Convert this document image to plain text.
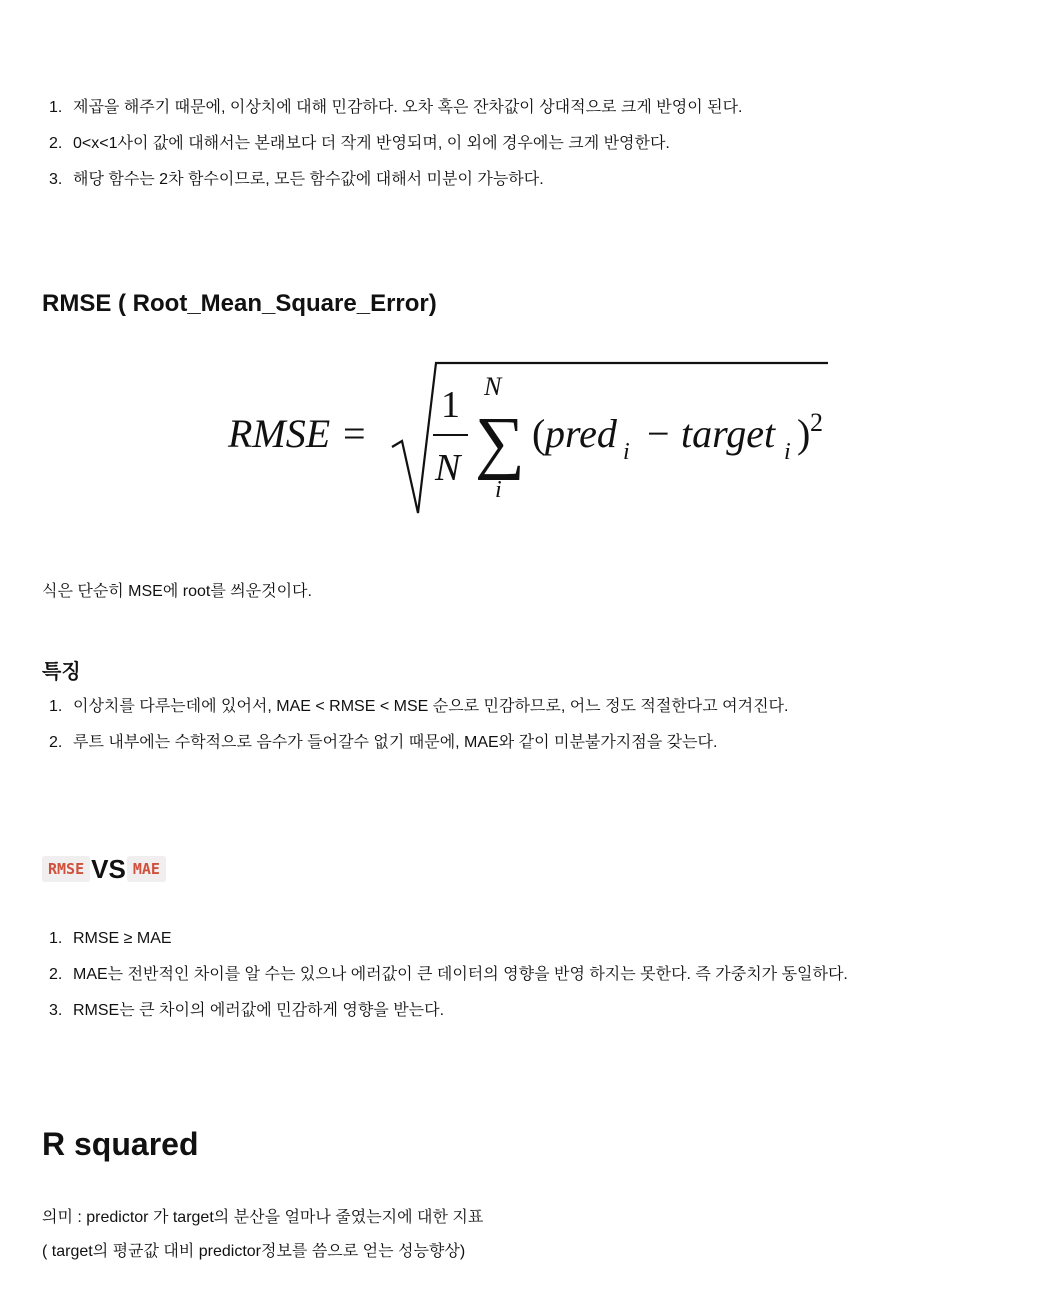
1. 제곱을 해주기 때문에, 이상치에 대해 민감하다. 오차 혹은 잔차값이 상대적으로 크게 반영이 된다.
2. 0<x<1사이 값에 대해서는 본래보다 더 작게 반영되며, 이 외에 경우에는 크게 반영한다.
3. 해당 함수는 2차 함수이므로, 모든 함수값에 대해서 미분이 가능하다.
RMSE ( Root_Mean_Square_Error)
RMSE =
1
N
N
∑
i
( pred i − target i ) 2

식은 단순히 MSE에 root를 씌운것이다.

특징
1. 이상치를 다루는데에 있어서, MAE < RMSE < MSE 순으로 민감하므로, 어느 정도 적절한다고 여겨진다.
2. 루트 내부에는 수학적으로 음수가 들어갈수 없기 때문에, MAE와 같이 미분불가지점을 갖는다.
RMSE VS MAE
1. RMSE ≥ MAE
2. MAE는 전반적인 차이를 알 수는 있으나 에러값이 큰 데이터의 영향을 반영 하지는 못한다. 즉 가중치가 동일하다.
3. RMSE는 큰 차이의 에러값에 민감하게 영향을 받는다.
R squared

의미 : predictor 가 target의 분산을 얼마나 줄였는지에 대한 지표

( target의 평균값 대비 predictor정보를 씀으로 얻는 성능향상)
